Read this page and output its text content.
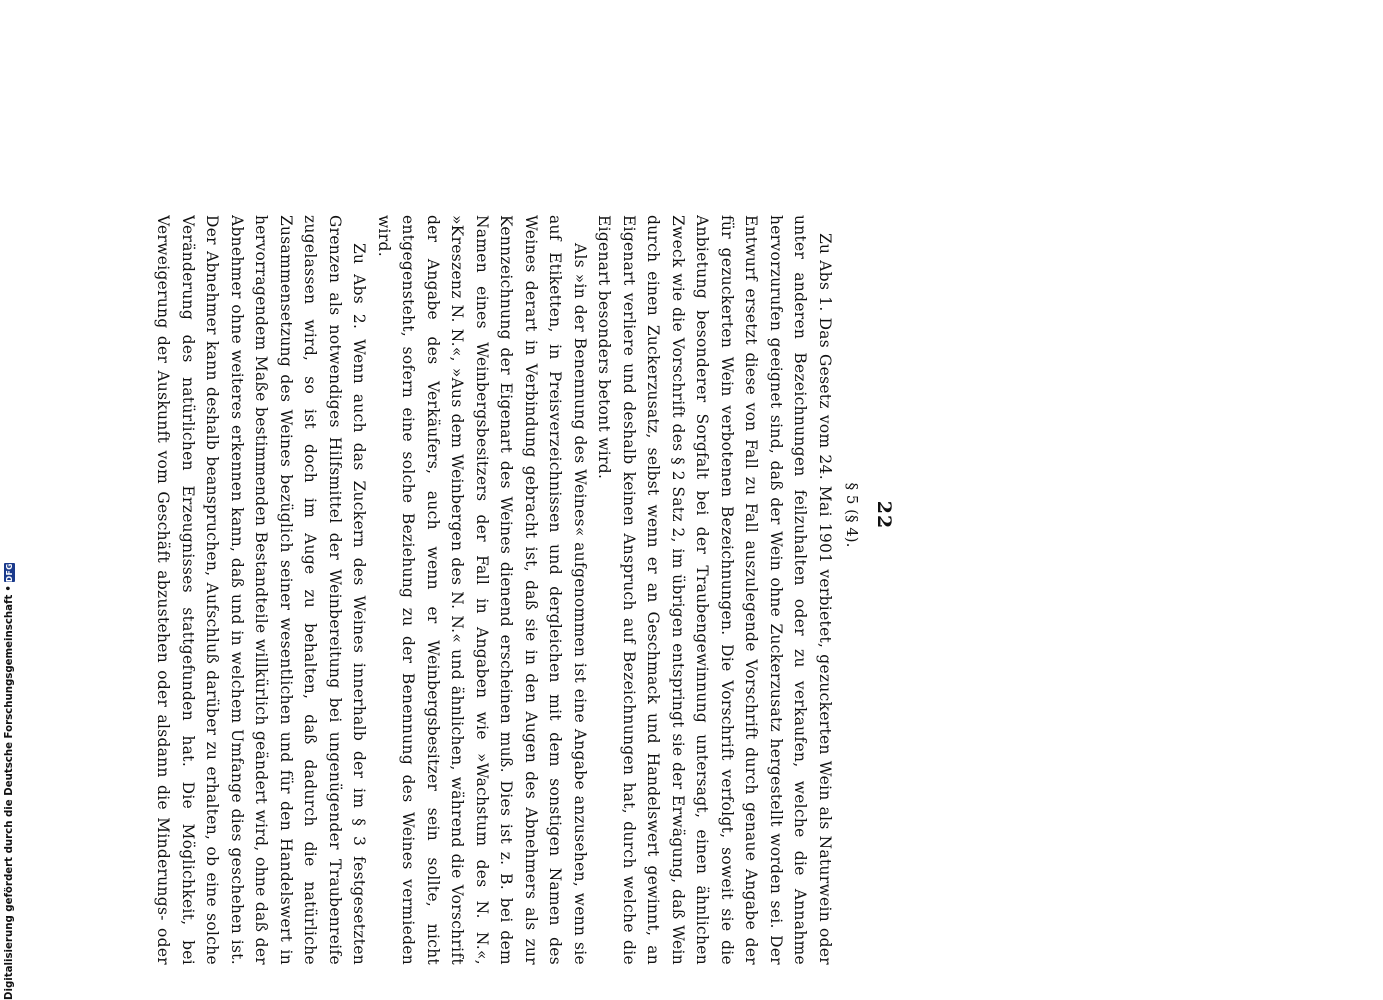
22
§ 5 (§ 4).

Zu Abs 1. Das Gesetz vom 24. Mai 1901 verbietet, gezuckerten Wein als Naturwein oder unter anderen Bezeichnungen feilzuhalten oder zu verkaufen, welche die Annahme hervorzurufen geeignet sind, daß der Wein ohne Zuckerzusatz hergestellt worden sei. Der Entwurf ersetzt diese von Fall zu Fall auszulegende Vorschrift durch genaue Angabe der für gezuckerten Wein verbotenen Bezeichnungen. Die Vorschrift verfolgt, soweit sie die Anbietung besonderer Sorgfalt bei der Traubengewinnung untersagt, einen ähnlichen Zweck wie die Vorschrift des § 2 Satz 2, im übrigen entspringt sie der Erwägung, daß Wein durch einen Zuckerzusatz, selbst wenn er an Geschmack und Handelswert gewinnt, an Eigenart verliere und deshalb keinen Anspruch auf Bezeichnungen hat, durch welche die Eigenart besonders betont wird.

Als »in der Benennung des Weines« aufgenommen ist eine Angabe anzusehen, wenn sie auf Etiketten, in Preisverzeichnissen und dergleichen mit dem sonstigen Namen des Weines derart in Verbindung gebracht ist, daß sie in den Augen des Abnehmers als zur Kennzeichnung der Eigenart des Weines dienend erscheinen muß. Dies ist z. B. bei dem Namen eines Weinbergsbesitzers der Fall in Angaben wie »Wachstum des N. N.«, »Kreszenz N. N.«, »Aus dem Weinbergen des N. N.« und ähnlichen, während die Vorschrift der Angabe des Verkäufers, auch wenn er Weinbergsbesitzer sein sollte, nicht entgegensteht, sofern eine solche Beziehung zu der Benennung des Weines vermieden wird.

Zu Abs 2. Wenn auch das Zuckern des Weines innerhalb der im § 3 festgesetzten Grenzen als notwendiges Hilfsmittel der Weinbereitung bei ungenügender Traubenreife zugelassen wird, so ist doch im Auge zu behalten, daß dadurch die natürliche Zusammensetzung des Weines bezüglich seiner wesentlichen und für den Handelswert in hervorragendem Maße bestimmenden Bestandteile willkürlich geändert wird, ohne daß der Abnehmer ohne weiteres erkennen kann, daß und in welchem Umfange dies geschehen ist. Der Abnehmer kann deshalb beanspruchen, Aufschluß darüber zu erhalten, ob eine solche Veränderung des natürlichen Erzeugnisses stattgefunden hat. Die Möglichkeit, bei Verweigerung der Auskunft vom Geschäft abzustehen oder alsdann die Minderungs- oder

Digitalisierung gefördert durch die Deutsche Forschungsgemeinschaft
•
DFG
